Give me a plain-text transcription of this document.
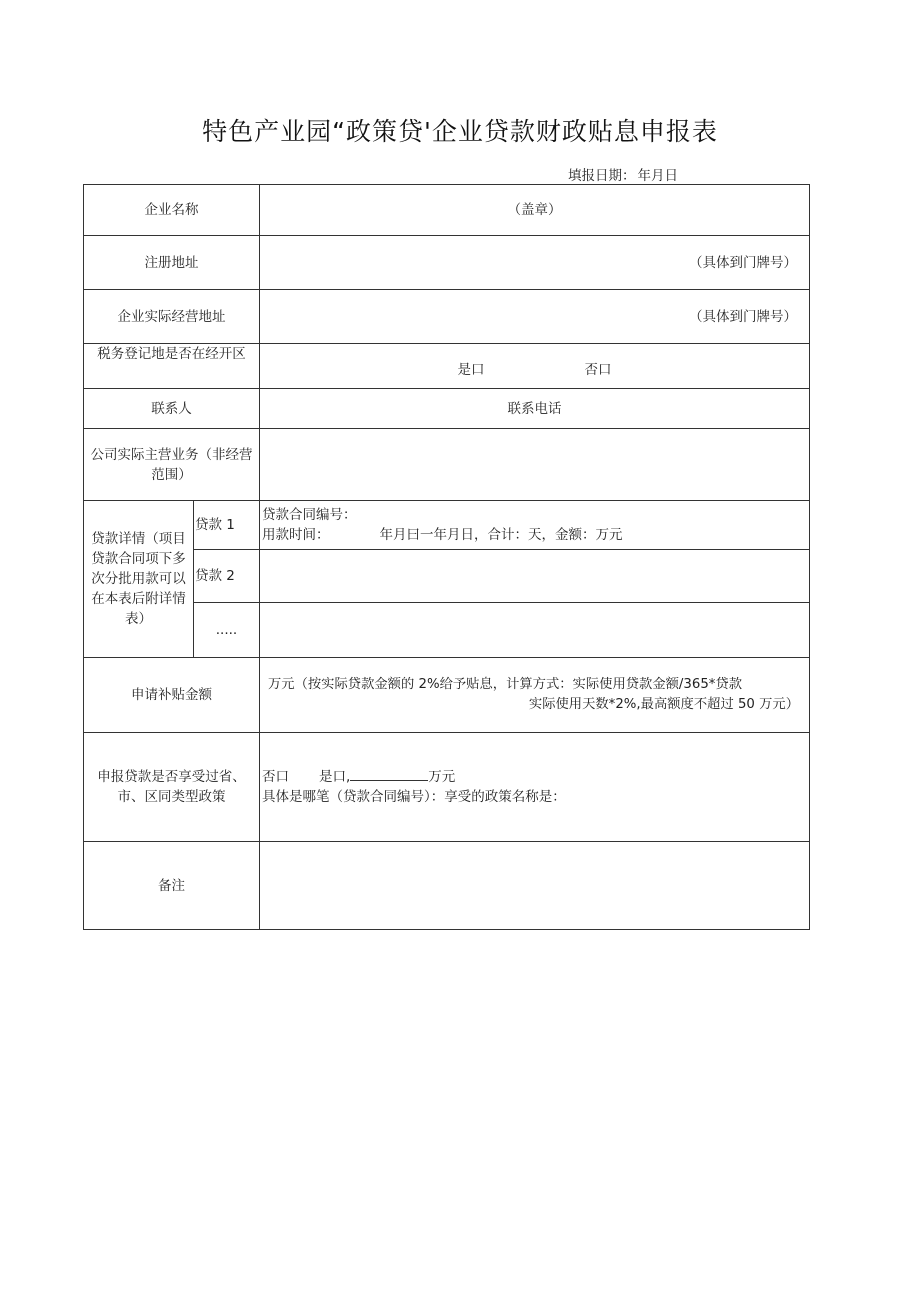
特色产业园“政策贷'企业贷款财政贴息申报表
填报日期： 年月日
企业名称		（盖章）
注册地址		（具体到门牌号）
企业实际经营地址		（具体到门牌号）
税务登记地是否在经开区		是口 否口
联系人		联系电话
公司实际主营业务（非经营范围）		
贷款详情（项目贷款合同项下多次分批用款可以在本表后附详情表）	贷款 1	贷款合同编号：
用款时间： 年月曰一年月日，合计：天，金额：万元

	贷款 2	
	.....	
申请补贴金额		万元（按实际贷款金额的 2%给予贴息，计算方式：实际使用贷款金额/365*贷款
实际使用天数*2%,最高额度不超过 50 万元）

申报贷款是否享受过省、市、区同类型政策		否口 是口, 万元
具体是哪笔（贷款合同编号）：享受的政策名称是：

备注		
